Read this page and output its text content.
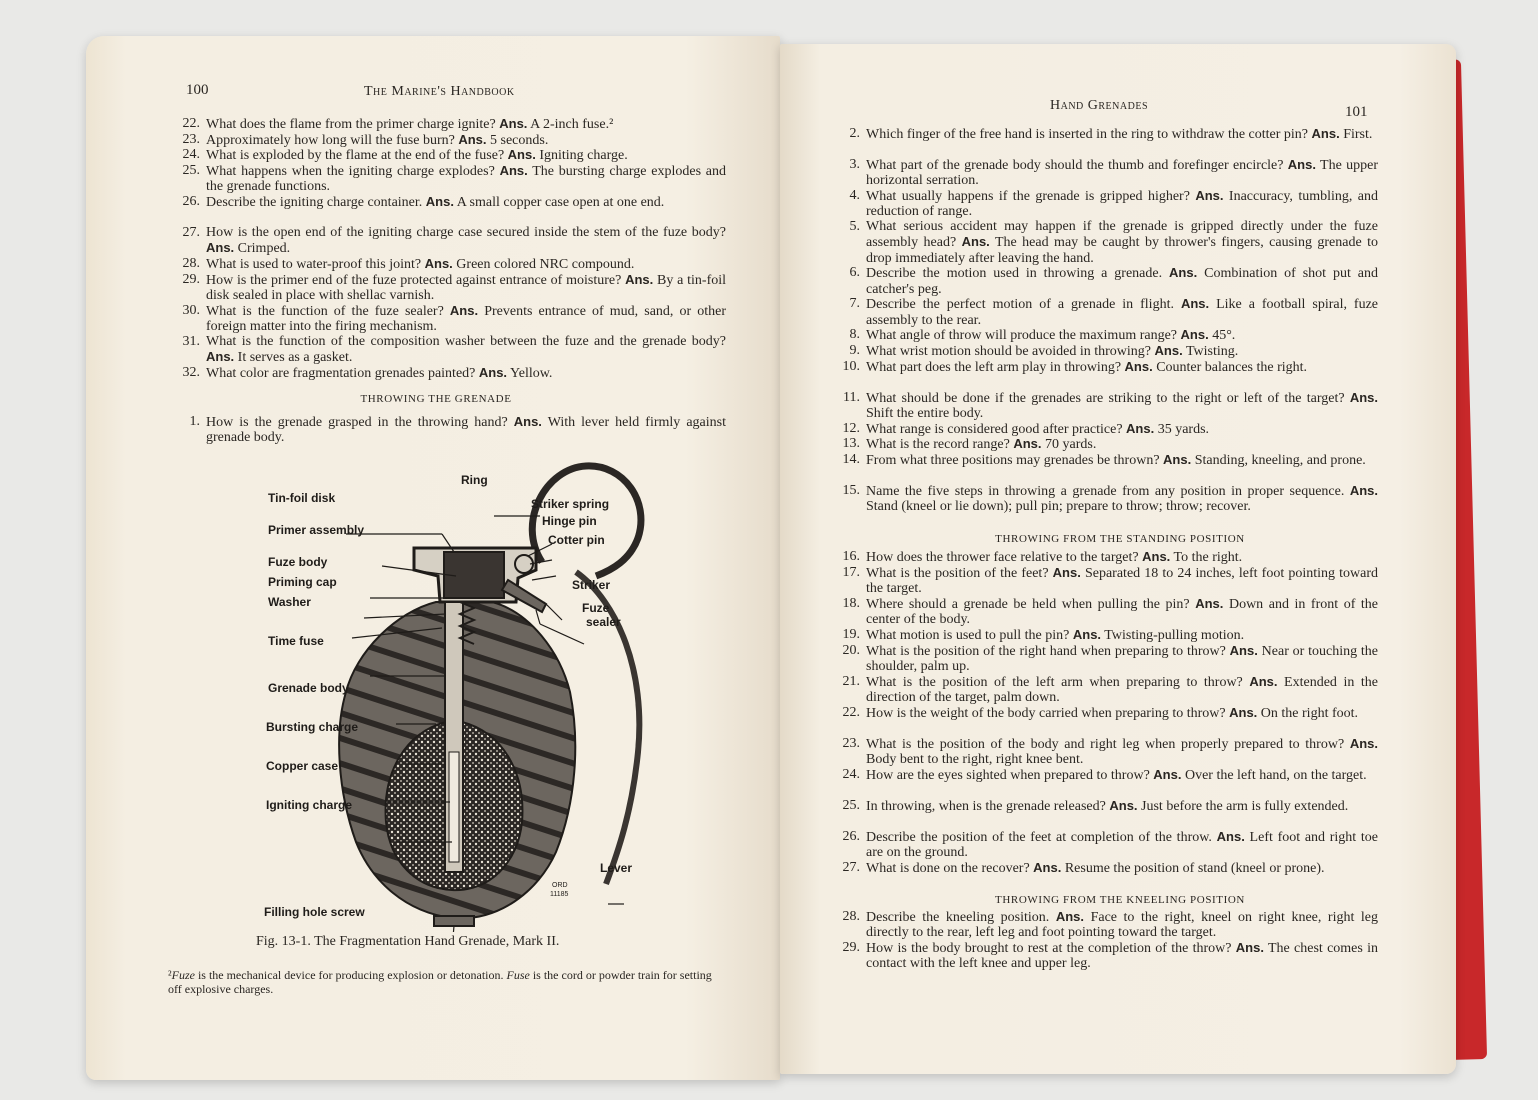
100	The Marine's Handbook
22. What does the flame from the primer charge ignite? Ans. A 2-inch fuse.²
23. Approximately how long will the fuse burn? Ans. 5 seconds.
24. What is exploded by the flame at the end of the fuse? Ans. Igniting charge.
25. What happens when the igniting charge explodes? Ans. The bursting charge explodes and the grenade functions.
26. Describe the igniting charge container. Ans. A small copper case open at one end.
27. How is the open end of the igniting charge case secured inside the stem of the fuze body? Ans. Crimped.
28. What is used to water-proof this joint? Ans. Green colored NRC compound.
29. How is the primer end of the fuze protected against entrance of moisture? Ans. By a tin-foil disk sealed in place with shellac varnish.
30. What is the function of the fuze sealer? Ans. Prevents entrance of mud, sand, or other foreign matter into the firing mechanism.
31. What is the function of the composition washer between the fuze and the grenade body? Ans. It serves as a gasket.
32. What color are fragmentation grenades painted? Ans. Yellow.
THROWING THE GRENADE
1. How is the grenade grasped in the throwing hand? Ans. With lever held firmly against grenade body.
Ring
Tin-foil disk
Primer assembly
Fuze body
Priming cap
Washer
Time fuse
Grenade body
Bursting charge
Copper case
Igniting charge
Filling hole screw
Striker spring
Hinge pin
Cotter pin
Striker
Fuze
sealer
Lever
ORD
11185
Fig. 13-1. The Fragmentation Hand Grenade, Mark II.
²Fuze is the mechanical device for producing explosion or detonation. Fuse is the cord or powder train for setting off explosive charges.
Hand Grenades	101
2. Which finger of the free hand is inserted in the ring to withdraw the cotter pin? Ans. First.
3. What part of the grenade body should the thumb and forefinger encircle? Ans. The upper horizontal serration.
4. What usually happens if the grenade is gripped higher? Ans. Inaccuracy, tumbling, and reduction of range.
5. What serious accident may happen if the grenade is gripped directly under the fuze assembly head? Ans. The head may be caught by thrower's fingers, causing grenade to drop immediately after leaving the hand.
6. Describe the motion used in throwing a grenade. Ans. Combination of shot put and catcher's peg.
7. Describe the perfect motion of a grenade in flight. Ans. Like a football spiral, fuze assembly to the rear.
8. What angle of throw will produce the maximum range? Ans. 45°.
9. What wrist motion should be avoided in throwing? Ans. Twisting.
10. What part does the left arm play in throwing? Ans. Counter balances the right.
11. What should be done if the grenades are striking to the right or left of the target? Ans. Shift the entire body.
12. What range is considered good after practice? Ans. 35 yards.
13. What is the record range? Ans. 70 yards.
14. From what three positions may grenades be thrown? Ans. Standing, kneeling, and prone.
15. Name the five steps in throwing a grenade from any position in proper sequence. Ans. Stand (kneel or lie down); pull pin; prepare to throw; throw; recover.
THROWING FROM THE STANDING POSITION
16. How does the thrower face relative to the target? Ans. To the right.
17. What is the position of the feet? Ans. Separated 18 to 24 inches, left foot pointing toward the target.
18. Where should a grenade be held when pulling the pin? Ans. Down and in front of the center of the body.
19. What motion is used to pull the pin? Ans. Twisting-pulling motion.
20. What is the position of the right hand when preparing to throw? Ans. Near or touching the shoulder, palm up.
21. What is the position of the left arm when preparing to throw? Ans. Extended in the direction of the target, palm down.
22. How is the weight of the body carried when preparing to throw? Ans. On the right foot.
23. What is the position of the body and right leg when properly prepared to throw? Ans. Body bent to the right, right knee bent.
24. How are the eyes sighted when prepared to throw? Ans. Over the left hand, on the target.
25. In throwing, when is the grenade released? Ans. Just before the arm is fully extended.
26. Describe the position of the feet at completion of the throw. Ans. Left foot and right toe are on the ground.
27. What is done on the recover? Ans. Resume the position of stand (kneel or prone).
THROWING FROM THE KNEELING POSITION
28. Describe the kneeling position. Ans. Face to the right, kneel on right knee, right leg directly to the rear, left leg and foot pointing toward the target.
29. How is the body brought to rest at the completion of the throw? Ans. The chest comes in contact with the left knee and upper leg.
